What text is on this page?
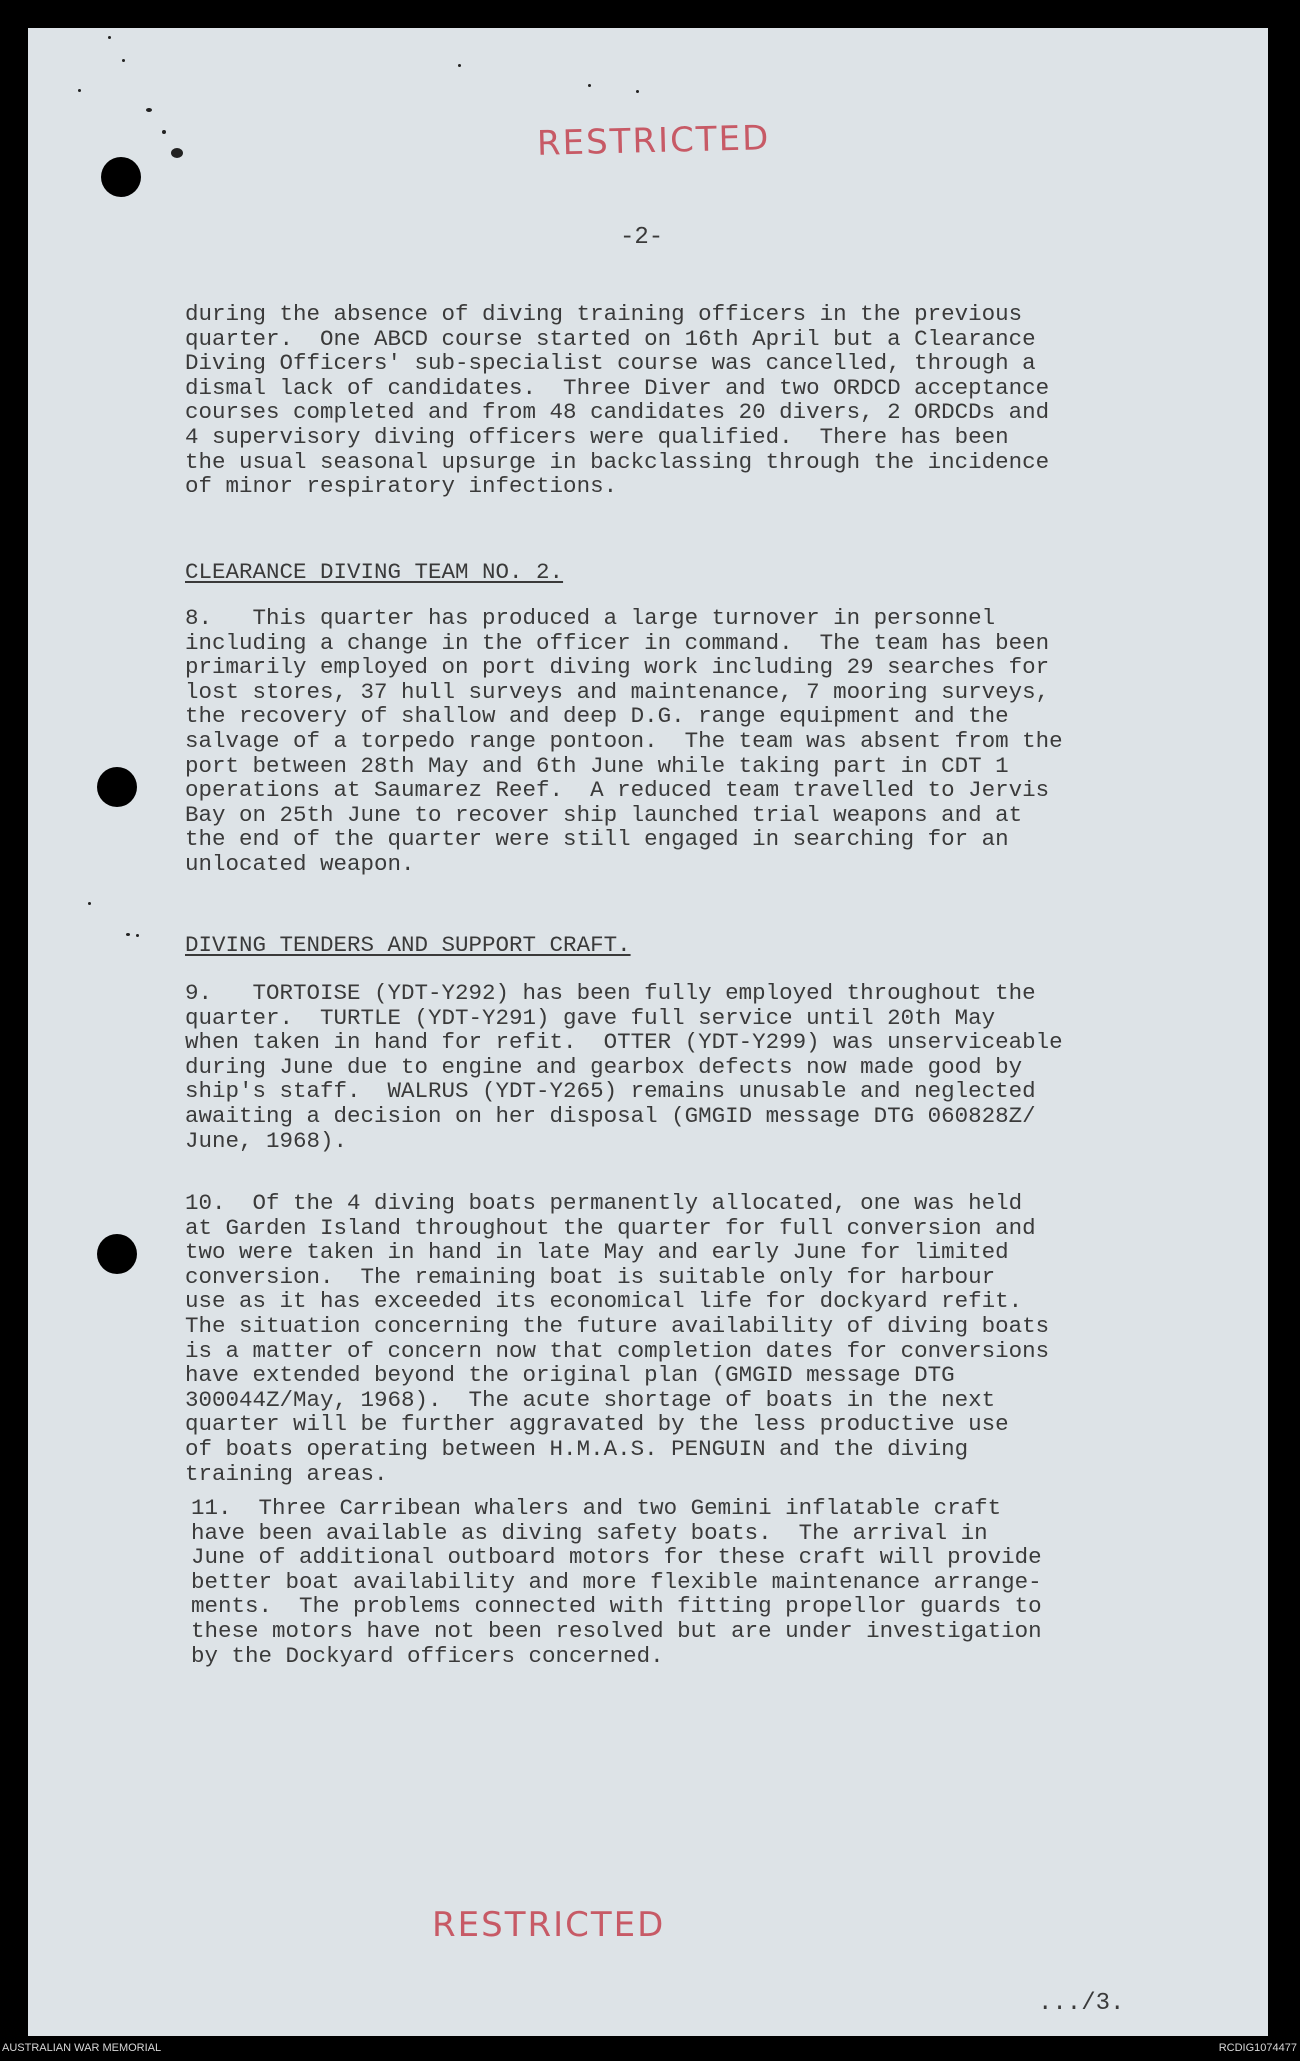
RESTRICTED
-2-

during the absence of diving training officers in the previous
quarter.  One ABCD course started on 16th April but a Clearance
Diving Officers' sub-specialist course was cancelled, through a
dismal lack of candidates.  Three Diver and two ORDCD acceptance
courses completed and from 48 candidates 20 divers, 2 ORDCDs and
4 supervisory diving officers were qualified.  There has been
the usual seasonal upsurge in backclassing through the incidence
of minor respiratory infections.

CLEARANCE DIVING TEAM NO. 2.

8.   This quarter has produced a large turnover in personnel
including a change in the officer in command.  The team has been
primarily employed on port diving work including 29 searches for
lost stores, 37 hull surveys and maintenance, 7 mooring surveys,
the recovery of shallow and deep D.G. range equipment and the
salvage of a torpedo range pontoon.  The team was absent from the
port between 28th May and 6th June while taking part in CDT 1
operations at Saumarez Reef.  A reduced team travelled to Jervis
Bay on 25th June to recover ship launched trial weapons and at
the end of the quarter were still engaged in searching for an
unlocated weapon.

DIVING TENDERS AND SUPPORT CRAFT.

9.   TORTOISE (YDT-Y292) has been fully employed throughout the
quarter.  TURTLE (YDT-Y291) gave full service until 20th May
when taken in hand for refit.  OTTER (YDT-Y299) was unserviceable
during June due to engine and gearbox defects now made good by
ship's staff.  WALRUS (YDT-Y265) remains unusable and neglected
awaiting a decision on her disposal (GMGID message DTG 060828Z/
June, 1968).

10.  Of the 4 diving boats permanently allocated, one was held
at Garden Island throughout the quarter for full conversion and
two were taken in hand in late May and early June for limited
conversion.  The remaining boat is suitable only for harbour
use as it has exceeded its economical life for dockyard refit.
The situation concerning the future availability of diving boats
is a matter of concern now that completion dates for conversions
have extended beyond the original plan (GMGID message DTG
300044Z/May, 1968).  The acute shortage of boats in the next
quarter will be further aggravated by the less productive use
of boats operating between H.M.A.S. PENGUIN and the diving
training areas.

11.  Three Carribean whalers and two Gemini inflatable craft
have been available as diving safety boats.  The arrival in
June of additional outboard motors for these craft will provide
better boat availability and more flexible maintenance arrange-
ments.  The problems connected with fitting propellor guards to
these motors have not been resolved but are under investigation
by the Dockyard officers concerned.

RESTRICTED
.../3.
AUSTRALIAN WAR MEMORIAL	RCDIG1074477
